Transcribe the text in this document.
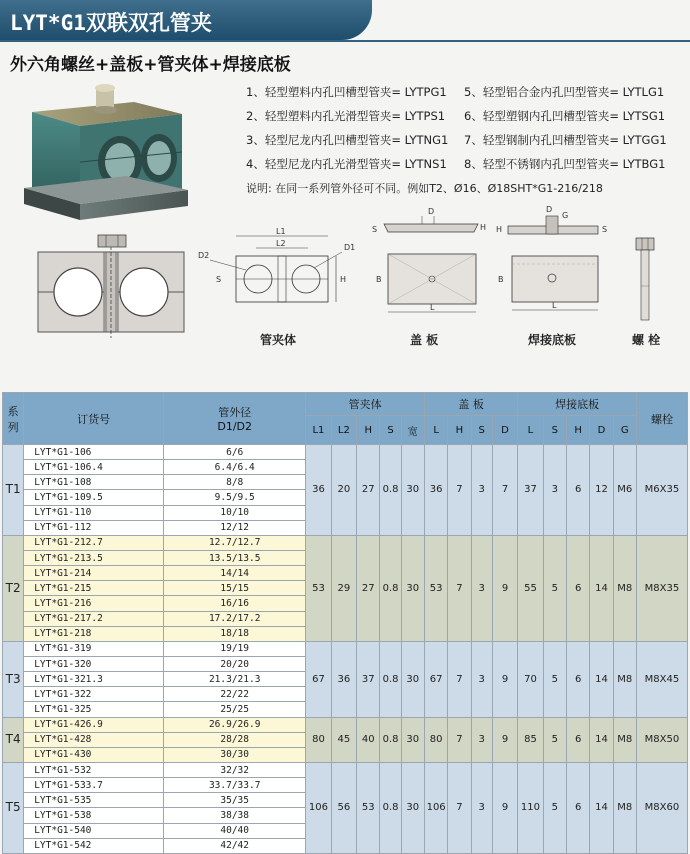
LYT*G1双联双孔管夹
外六角螺丝+盖板+管夹体+焊接底板
1、轻型塑料内孔凹槽型管夹= LYTPG1	5、轻型铝合金内孔凹型管夹= LYTLG1
2、轻型塑料内孔光滑型管夹= LYTPS1	6、轻型塑钢内孔凹槽型管夹= LYTSG1
3、轻型尼龙内孔凹槽型管夹= LYTNG1	7、轻型钢制内孔凹槽型管夹= LYTGG1
4、轻型尼龙内孔光滑型管夹= LYTNS1	8、轻型不锈钢内孔凹型管夹= LYTBG1
说明: 在同一系列管外径可不同。例如T2、Ø16、Ø18SHT*G1-216/218
L1
L2
D2
D1
S	H
管夹体
D
S	H
B
L
盖 板
D
G
H	S
B
L
焊接底板	螺 栓
系列	订货号	管外径
D1/D2	管夹体					盖 板				焊接底板					螺栓
			L1	L2	H	S	宽	L	H	S	D	L	S	H	D	G	
T1	LYT*G1-106	6/6	36	20	27	0.8	30	36	7	3	7	37	3	6	12	M6	M6X35
	LYT*G1-106.4	6.4/6.4															
	LYT*G1-108	8/8															
	LYT*G1-109.5	9.5/9.5															
	LYT*G1-110	10/10															
	LYT*G1-112	12/12															
T2	LYT*G1-212.7	12.7/12.7	53	29	27	0.8	30	53	7	3	9	55	5	6	14	M8	M8X35
	LYT*G1-213.5	13.5/13.5															
	LYT*G1-214	14/14															
	LYT*G1-215	15/15															
	LYT*G1-216	16/16															
	LYT*G1-217.2	17.2/17.2															
	LYT*G1-218	18/18															
T3	LYT*G1-319	19/19	67	36	37	0.8	30	67	7	3	9	70	5	6	14	M8	M8X45
	LYT*G1-320	20/20															
	LYT*G1-321.3	21.3/21.3															
	LYT*G1-322	22/22															
	LYT*G1-325	25/25															
T4	LYT*G1-426.9	26.9/26.9	80	45	40	0.8	30	80	7	3	9	85	5	6	14	M8	M8X50
	LYT*G1-428	28/28															
	LYT*G1-430	30/30															
T5	LYT*G1-532	32/32	106	56	53	0.8	30	106	7	3	9	110	5	6	14	M8	M8X60
	LYT*G1-533.7	33.7/33.7															
	LYT*G1-535	35/35															
	LYT*G1-538	38/38															
	LYT*G1-540	40/40															
	LYT*G1-542	42/42															
